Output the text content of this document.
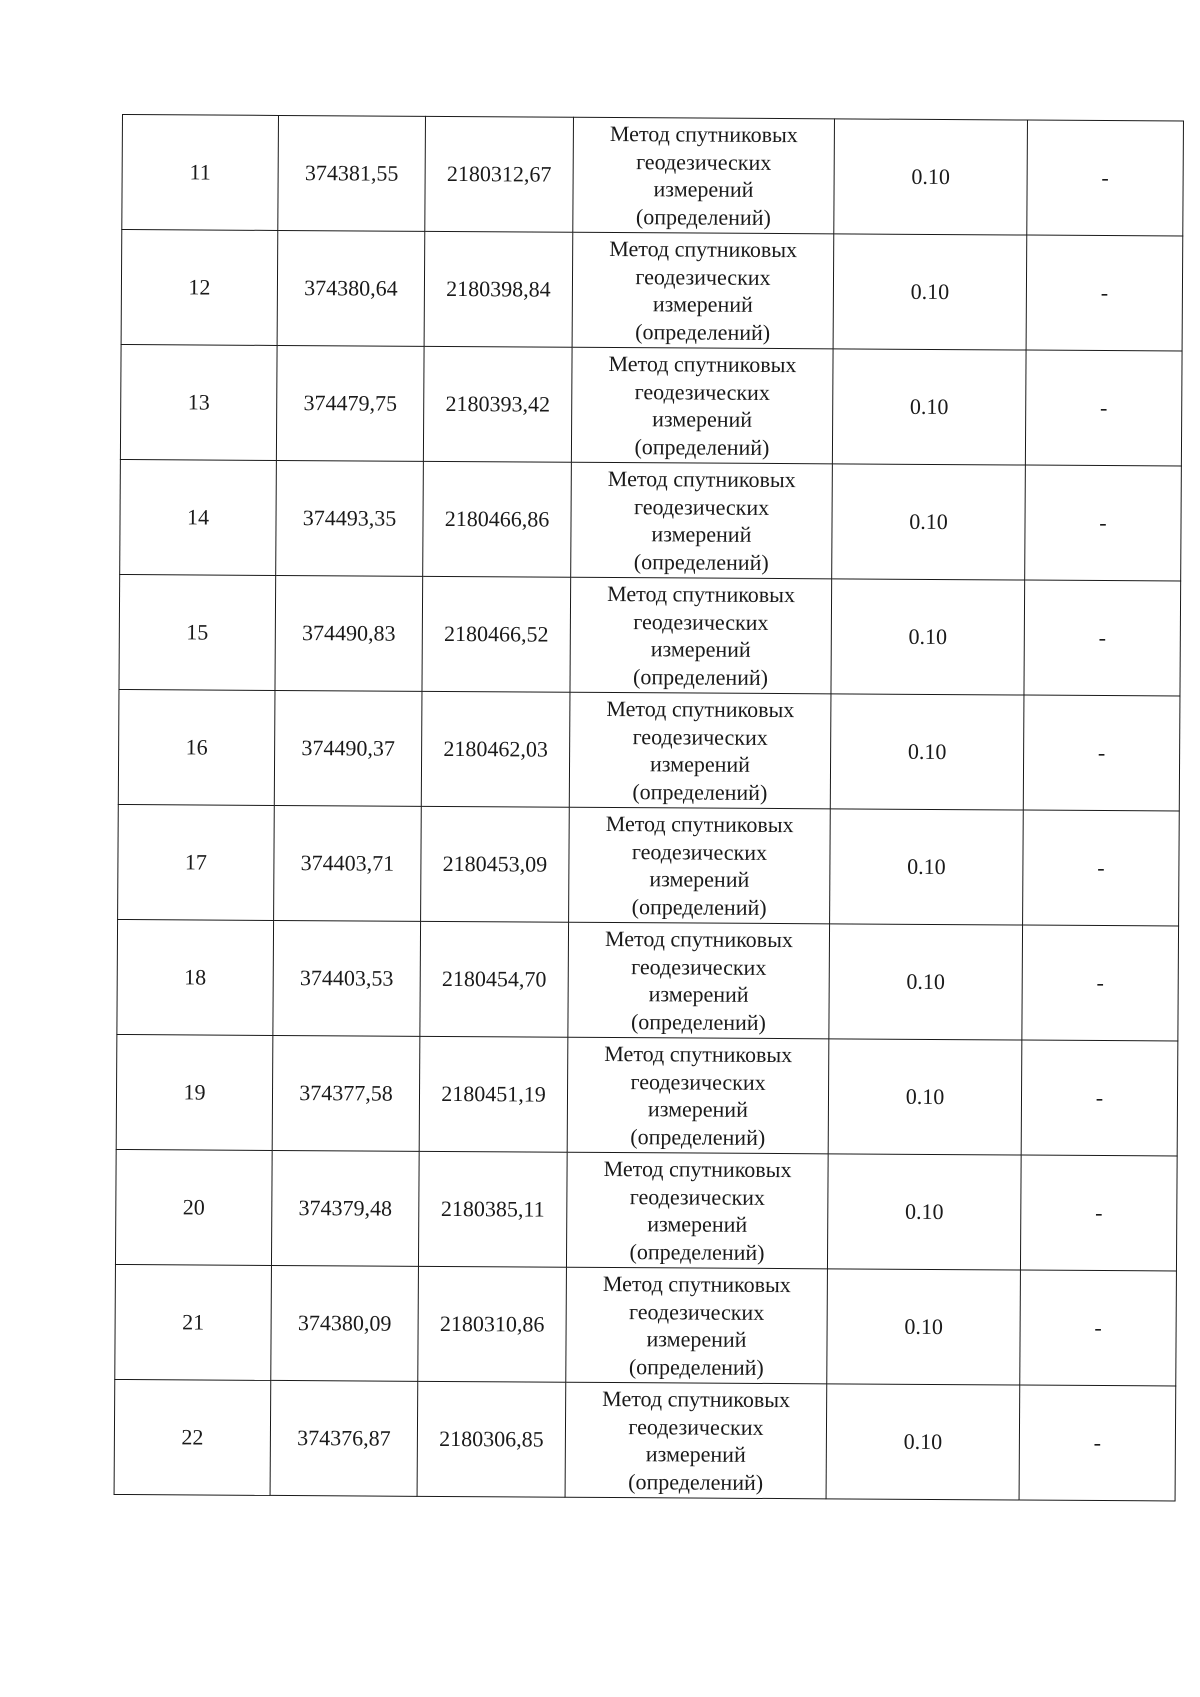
11	374381,55	2180312,67	Метод спутниковых
геодезических
измерений
(определений)	0.10	-
12	374380,64	2180398,84	Метод спутниковых
геодезических
измерений
(определений)	0.10	-
13	374479,75	2180393,42	Метод спутниковых
геодезических
измерений
(определений)	0.10	-
14	374493,35	2180466,86	Метод спутниковых
геодезических
измерений
(определений)	0.10	-
15	374490,83	2180466,52	Метод спутниковых
геодезических
измерений
(определений)	0.10	-
16	374490,37	2180462,03	Метод спутниковых
геодезических
измерений
(определений)	0.10	-
17	374403,71	2180453,09	Метод спутниковых
геодезических
измерений
(определений)	0.10	-
18	374403,53	2180454,70	Метод спутниковых
геодезических
измерений
(определений)	0.10	-
19	374377,58	2180451,19	Метод спутниковых
геодезических
измерений
(определений)	0.10	-
20	374379,48	2180385,11	Метод спутниковых
геодезических
измерений
(определений)	0.10	-
21	374380,09	2180310,86	Метод спутниковых
геодезических
измерений
(определений)	0.10	-
22	374376,87	2180306,85	Метод спутниковых
геодезических
измерений
(определений)	0.10	-
